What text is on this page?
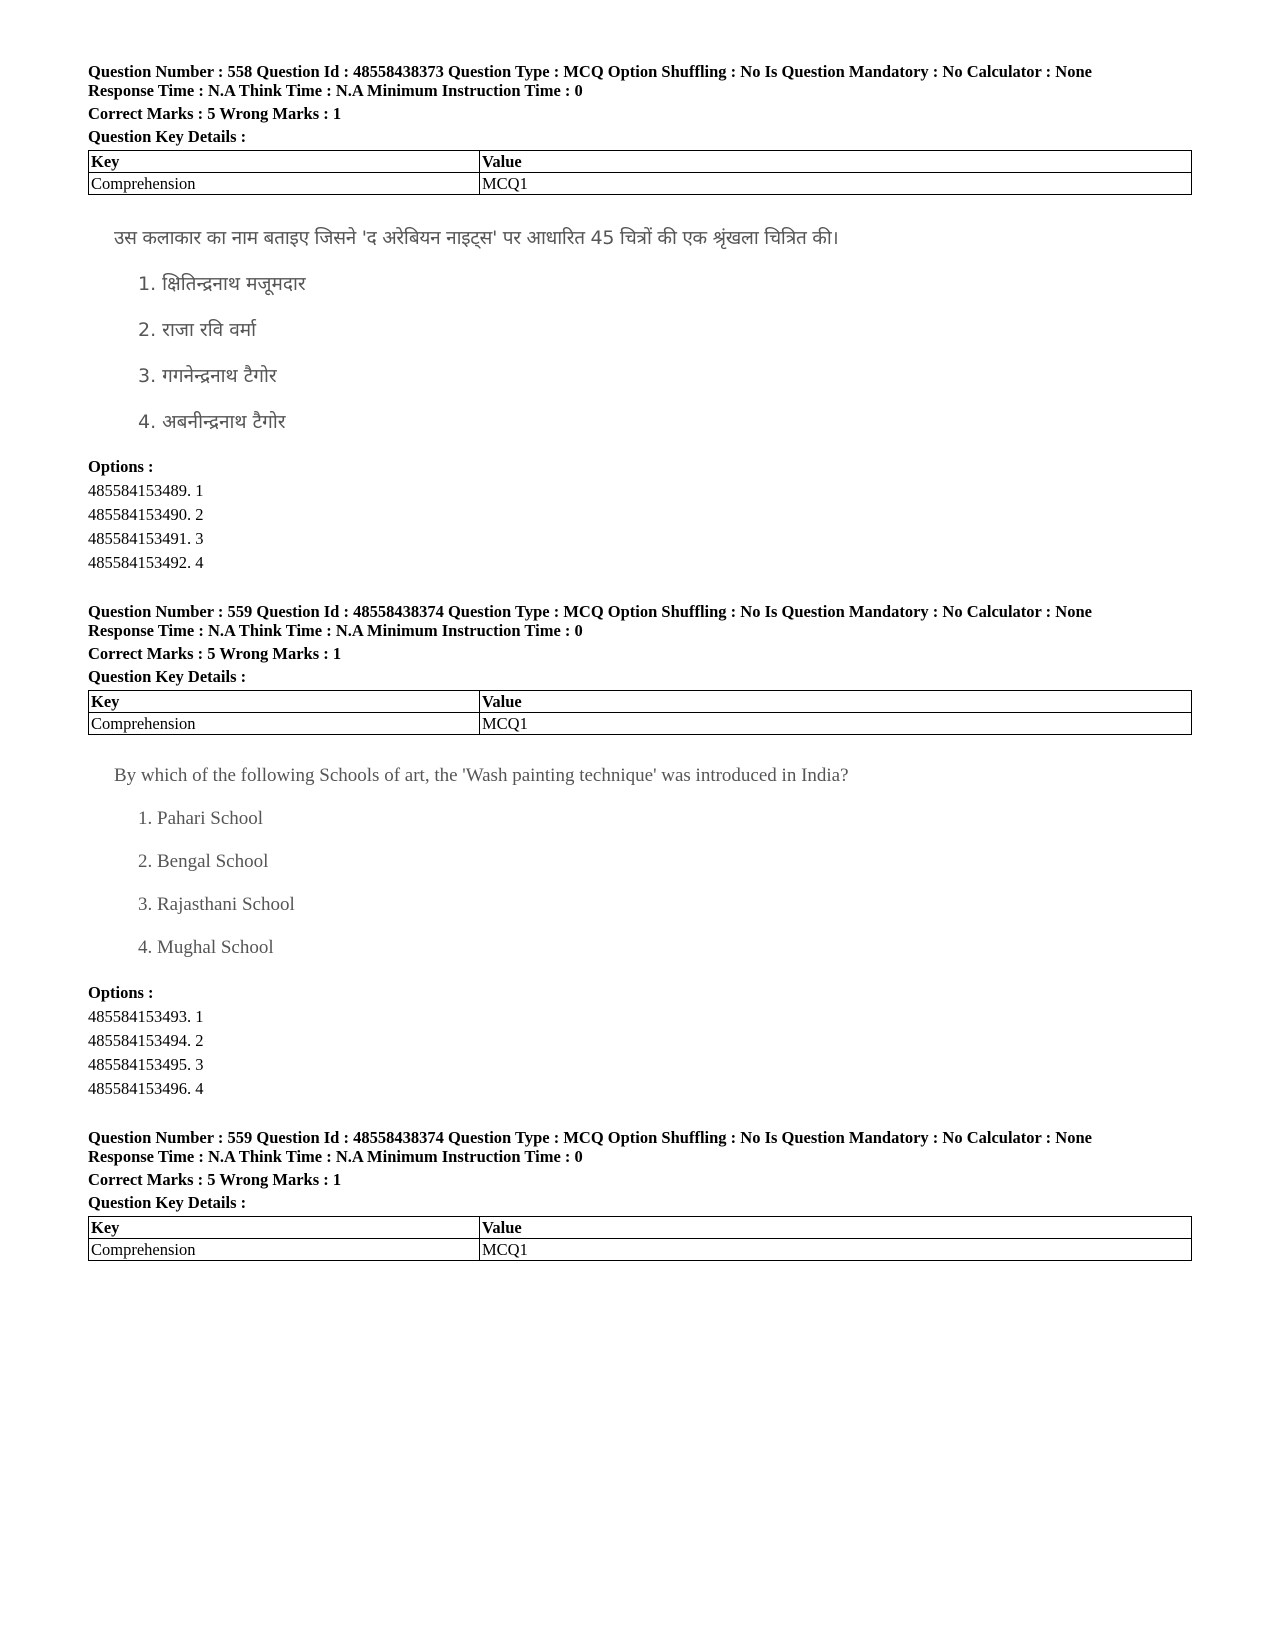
Question Number : 558 Question Id : 48558438373 Question Type : MCQ Option Shuffling : No Is Question Mandatory : No Calculator : None
Response Time : N.A Think Time : N.A Minimum Instruction Time : 0
Correct Marks : 5 Wrong Marks : 1
Question Key Details :
Key	Value
Comprehension	MCQ1
उस कलाकार का नाम बताइए जिसने 'द अरेबियन नाइट्स' पर आधारित 45 चित्रों की एक श्रृंखला चित्रित की।
1. क्षितिन्द्रनाथ मजूमदार
2. राजा रवि वर्मा
3. गगनेन्द्रनाथ टैगोर
4. अबनीन्द्रनाथ टैगोर
Options :
485584153489. 1
485584153490. 2
485584153491. 3
485584153492. 4
Question Number : 559 Question Id : 48558438374 Question Type : MCQ Option Shuffling : No Is Question Mandatory : No Calculator : None
Response Time : N.A Think Time : N.A Minimum Instruction Time : 0
Correct Marks : 5 Wrong Marks : 1
Question Key Details :
Key	Value
Comprehension	MCQ1
By which of the following Schools of art, the 'Wash painting technique' was introduced in India?
1. Pahari School
2. Bengal School
3. Rajasthani School
4. Mughal School
Options :
485584153493. 1
485584153494. 2
485584153495. 3
485584153496. 4
Question Number : 559 Question Id : 48558438374 Question Type : MCQ Option Shuffling : No Is Question Mandatory : No Calculator : None
Response Time : N.A Think Time : N.A Minimum Instruction Time : 0
Correct Marks : 5 Wrong Marks : 1
Question Key Details :
Key	Value
Comprehension	MCQ1
